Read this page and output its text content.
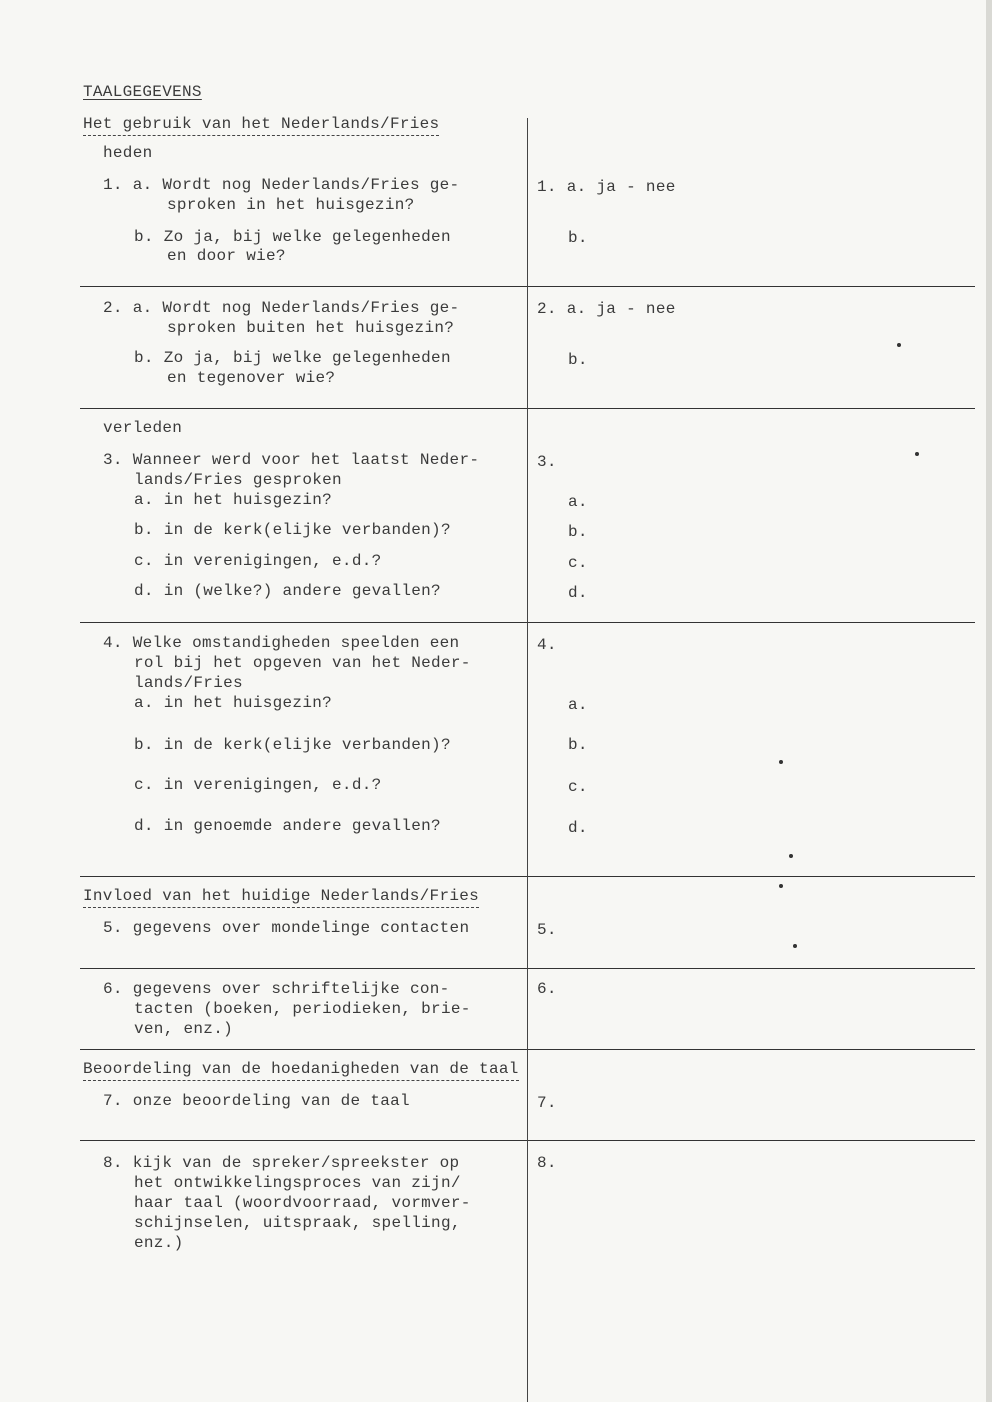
TAALGEGEVENS
Het gebruik van het Nederlands/Fries
heden
1. a. Wordt nog Nederlands/Fries ge-
sproken in het huisgezin?
b. Zo ja, bij welke gelegenheden
en door wie?
1. a. ja - nee
b.
2. a. Wordt nog Nederlands/Fries ge-
sproken buiten het huisgezin?
b. Zo ja, bij welke gelegenheden
en tegenover wie?
2. a. ja - nee
b.
verleden
3. Wanneer werd voor het laatst Neder-
lands/Fries gesproken
a. in het huisgezin?
b. in de kerk(elijke verbanden)?
c. in verenigingen, e.d.?
d. in (welke?) andere gevallen?
3.
a.
b.
c.
d.
4. Welke omstandigheden speelden een
rol bij het opgeven van het Neder-
lands/Fries
a. in het huisgezin?
b. in de kerk(elijke verbanden)?
c. in verenigingen, e.d.?
d. in genoemde andere gevallen?
4.
a.
b.
c.
d.
Invloed van het huidige Nederlands/Fries
5. gegevens over mondelinge contacten	5.
6. gegevens over schriftelijke con-
tacten (boeken, periodieken, brie-
ven, enz.)
6.
Beoordeling van de hoedanigheden van de taal
7. onze beoordeling van de taal	7.
8. kijk van de spreker/spreekster op
het ontwikkelingsproces van zijn/
haar taal (woordvoorraad, vormver-
schijnselen, uitspraak, spelling,
enz.)
8.
